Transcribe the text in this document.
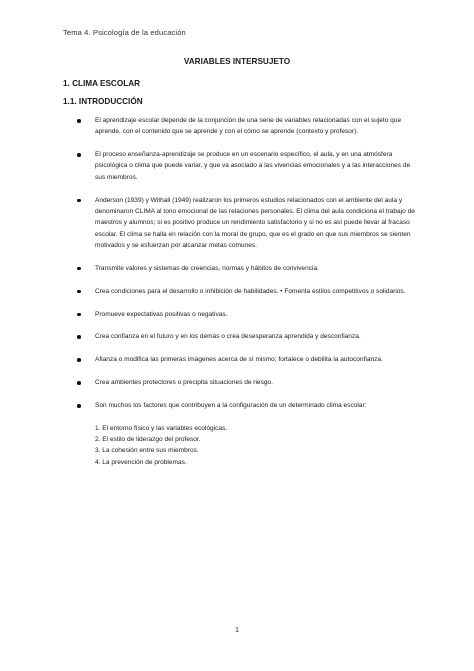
Tema 4. Psicología de la educación
VARIABLES INTERSUJETO
1. CLIMA ESCOLAR
1.1. INTRODUCCIÓN
El aprendizaje escolar depende de la conjunción de una serie de variables relacionadas con el sujeto que aprende, con el contenido que se aprende y con el cómo se aprende (contexto y profesor).
El proceso enseñanza-aprendizaje se produce en un escenario específico, el aula, y en una atmósfera psicológica o clima que puede variar, y que va asociado a las vivencias emocionales y a las interacciones de sus miembros.
Anderson (1939) y Withall (1949) realizaron los primeros estudios relacionados con el ambiente del aula y denominaron CLIMA al tono emocional de las relaciones personales. El clima del aula condiciona el trabajo de maestros y alumnos; si es positivo produce un rendimiento satisfactorio y si no es así puede llevar al fracaso escolar. El clima se halla en relación con la moral de grupo, que es el grado en que sus miembros se sienten motivados y se esfuerzan por alcanzar metas comunes.
Transmite valores y sistemas de creencias, normas y hábitos de convivencia.
Crea condiciones para el desarrollo o inhibición de habilidades. • Fomenta estilos competitivos o solidarios.
Promueve expectativas positivas o negativas.
Crea confianza en el futuro y en los demás o crea desesperanza aprendida y desconfianza.
Afianza o modifica las primeras imágenes acerca de sí mismo; fortalece o debilita la autoconfianza.
Crea ambientes protectores o precipita situaciones de riesgo.
Son muchos los factores que contribuyen a la configuración de un determinado clima escolar:
1. El entorno físico y las variables ecológicas.
2. El estilo de liderazgo del profesor.
3. La cohesión entre sus miembros.
4. La prevención de problemas.
1
